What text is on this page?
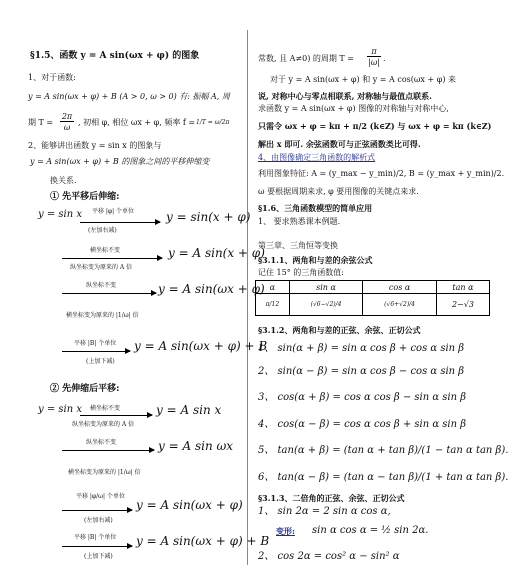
§1.5、函数 y = A sin(ωx + φ) 的图象
1、对于函数:
y = A sin(ωx + φ) + B (A > 0, ω > 0) 有: 振幅 A, 周
期 T =
2π
ω
, 初相 φ, 相位 ωx + φ, 频率 f = 1/T = ω/2π
2、能够讲出函数 y = sin x 的图象与
y = A sin(ωx + φ) + B 的图象之间的平移伸缩变
换关系.
① 先平移后伸缩:
y = sin x 平移 |φ| 个单位	y = sin(x + φ)
(左加右减)
横坐标不变	y = A sin(x + φ)
纵坐标变为原来的 A 倍
纵坐标不变	y = A sin(ωx + φ)
横坐标变为原来的 |1/ω| 倍
平移 |B| 个单位 y = A sin(ωx + φ) + B
(上加下减)
② 先伸缩后平移:
y = sin x 横坐标不变	y = A sin x
纵坐标变为原来的 A 倍
纵坐标不变	y = A sin ωx
横坐标变为原来的 |1/ω| 倍
平移 |φ/ω| 个单位
y = A sin(ωx + φ)
(左加右减)
平移 |B| 个单位 y = A sin(ωx + φ) + B
(上加下减)
常数, 且 A≠0) 的周期 T =
π
|ω| .
对于 y = A sin(ωx + φ) 和 y = A cos(ωx + φ) 来
说, 对称中心与零点相联系, 对称轴与最值点联系.
求函数 y = A sin(ωx + φ) 图像的对称轴与对称中心,
只需令 ωx + φ = kπ + π/2 (k∈Z) 与 ωx + φ = kπ (k∈Z)
解出 x 即可. 余弦函数可与正弦函数类比可得.
4、由图像确定三角函数的解析式
利用图象特征: A = (y_max − y_min)/2, B = (y_max + y_min)/2.
ω 要根据周期来求, φ 要用图像的关键点来求.
§1.6、三角函数模型的简单应用
1、 要求熟悉课本例题.
第三章、三角恒等变换
§3.1.1、两角和与差的余弦公式
记住 15° 的三角函数值:
α	sin α	cos α	tan α
π/12	(√6−√2)/4	(√6+√2)/4	2−√3
§3.1.2、两角和与差的正弦、余弦、正切公式
1、 sin(α + β) = sin α cos β + cos α sin β
2、 sin(α − β) = sin α cos β − cos α sin β
3、 cos(α + β) = cos α cos β − sin α sin β
4、 cos(α − β) = cos α cos β + sin α sin β
5、 tan(α + β) = (tan α + tan β)/(1 − tan α tan β).
6、 tan(α − β) = (tan α − tan β)/(1 + tan α tan β).
§3.1.3、二倍角的正弦、余弦、正切公式
1、 sin 2α = 2 sin α cos α,
变形: sin α cos α = ½ sin 2α.
2、 cos 2α = cos² α − sin² α
